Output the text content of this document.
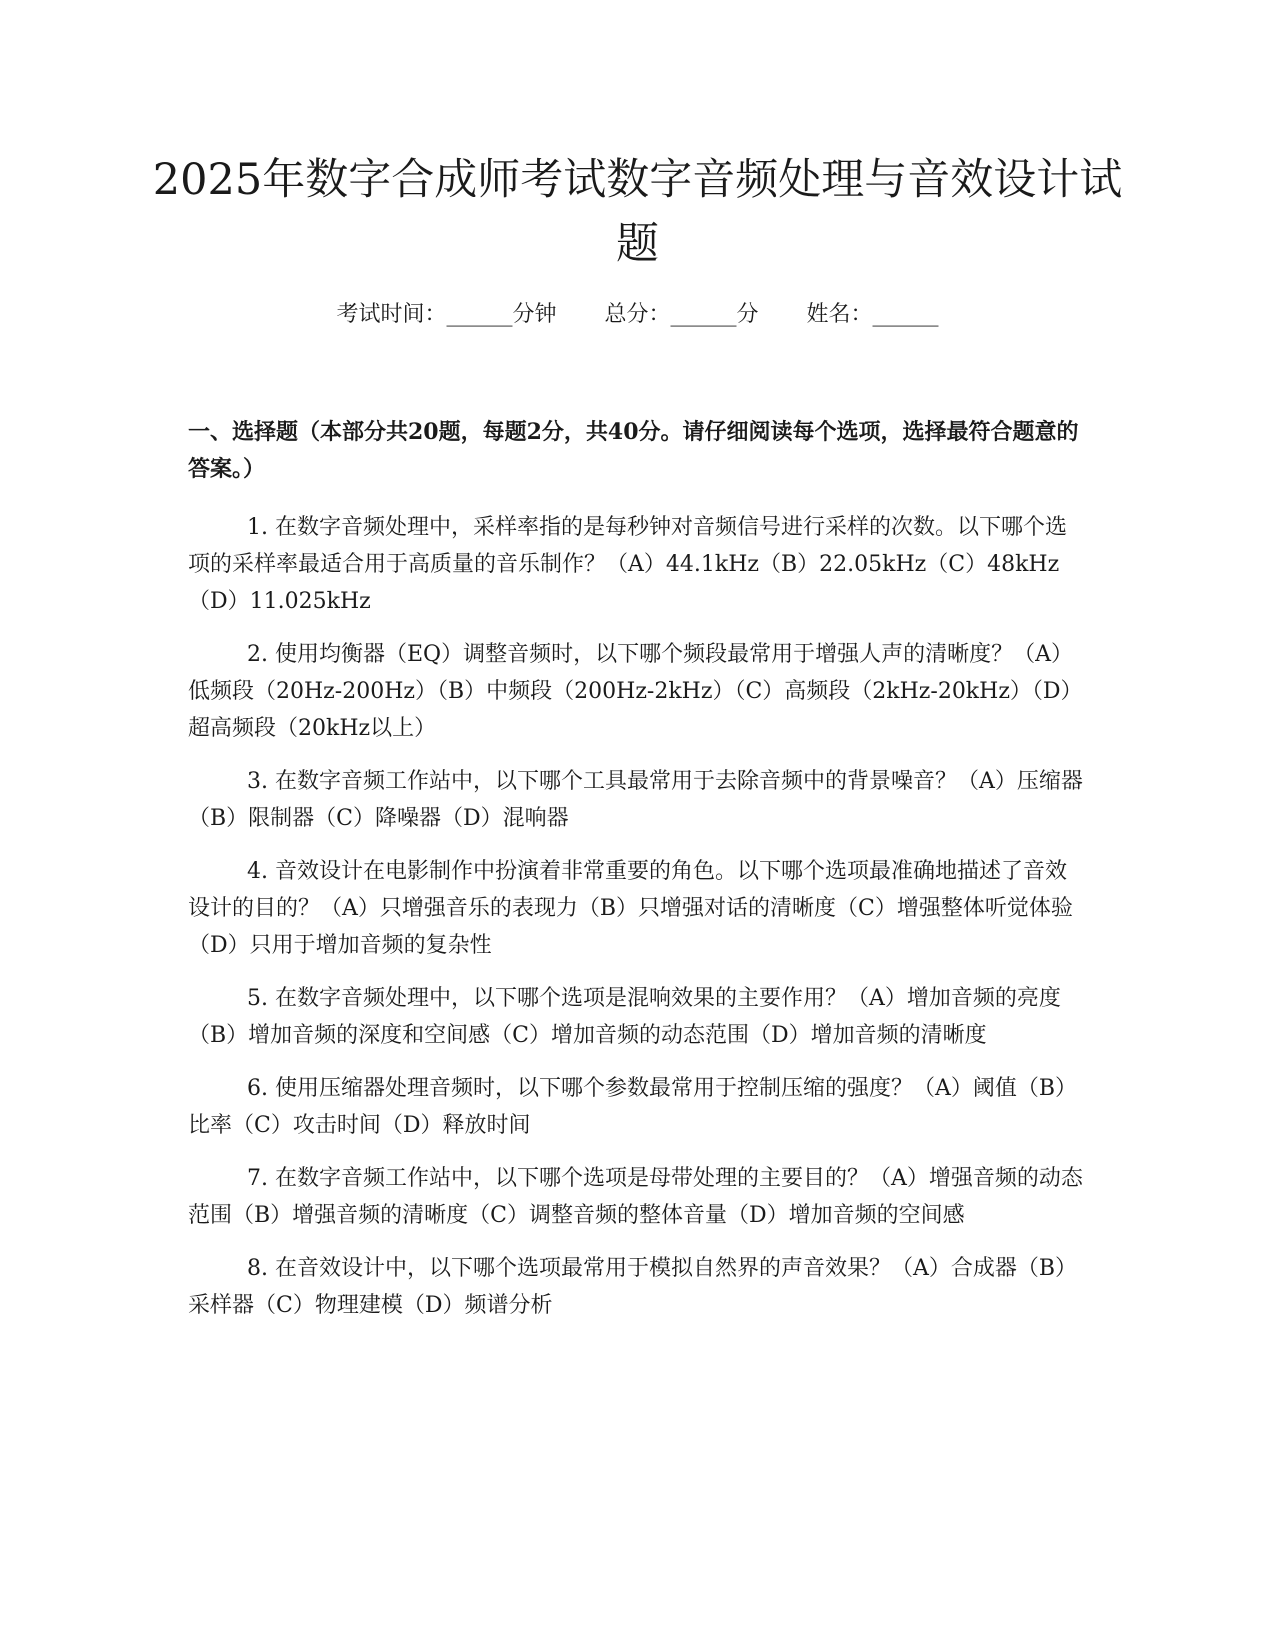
2025年数字合成师考试数字音频处理与音效设计试题
考试时间：______分钟 总分：______分 姓名：______
一、选择题（本部分共20题，每题2分，共40分。请仔细阅读每个选项，选择最符合题意的答案。）

1. 在数字音频处理中，采样率指的是每秒钟对音频信号进行采样的次数。以下哪个选项的采样率最适合用于高质量的音乐制作？（A）44.1kHz（B）22.05kHz（C）48kHz（D）11.025kHz

2. 使用均衡器（EQ）调整音频时，以下哪个频段最常用于增强人声的清晰度？（A）低频段（20Hz-200Hz）（B）中频段（200Hz-2kHz）（C）高频段（2kHz-20kHz）（D）超高频段（20kHz以上）

3. 在数字音频工作站中，以下哪个工具最常用于去除音频中的背景噪音？（A）压缩器（B）限制器（C）降噪器（D）混响器

4. 音效设计在电影制作中扮演着非常重要的角色。以下哪个选项最准确地描述了音效设计的目的？（A）只增强音乐的表现力（B）只增强对话的清晰度（C）增强整体听觉体验（D）只用于增加音频的复杂性

5. 在数字音频处理中，以下哪个选项是混响效果的主要作用？（A）增加音频的亮度（B）增加音频的深度和空间感（C）增加音频的动态范围（D）增加音频的清晰度

6. 使用压缩器处理音频时，以下哪个参数最常用于控制压缩的强度？（A）阈值（B）比率（C）攻击时间（D）释放时间

7. 在数字音频工作站中，以下哪个选项是母带处理的主要目的？（A）增强音频的动态范围（B）增强音频的清晰度（C）调整音频的整体音量（D）增加音频的空间感

8. 在音效设计中，以下哪个选项最常用于模拟自然界的声音效果？（A）合成器（B）采样器（C）物理建模（D）频谱分析
